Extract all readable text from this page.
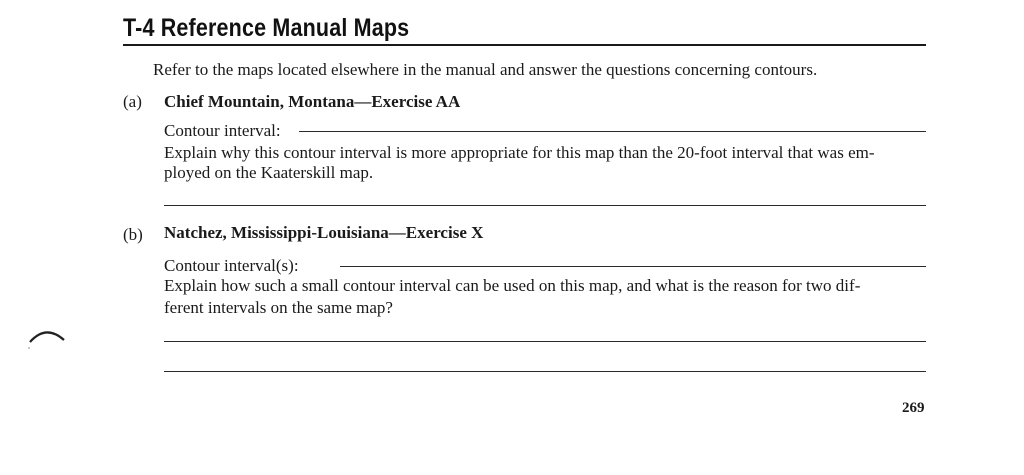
T-4 Reference Manual Maps
Refer to the maps located elsewhere in the manual and answer the questions concerning contours.
(a) Chief Mountain, Montana—Exercise AA
Contour interval:
Explain why this contour interval is more appropriate for this map than the 20-foot interval that was em-
ployed on the Kaaterskill map.
(b) Natchez, Mississippi-Louisiana—Exercise X
Contour interval(s):
Explain how such a small contour interval can be used on this map, and what is the reason for two dif-
ferent intervals on the same map?
269
